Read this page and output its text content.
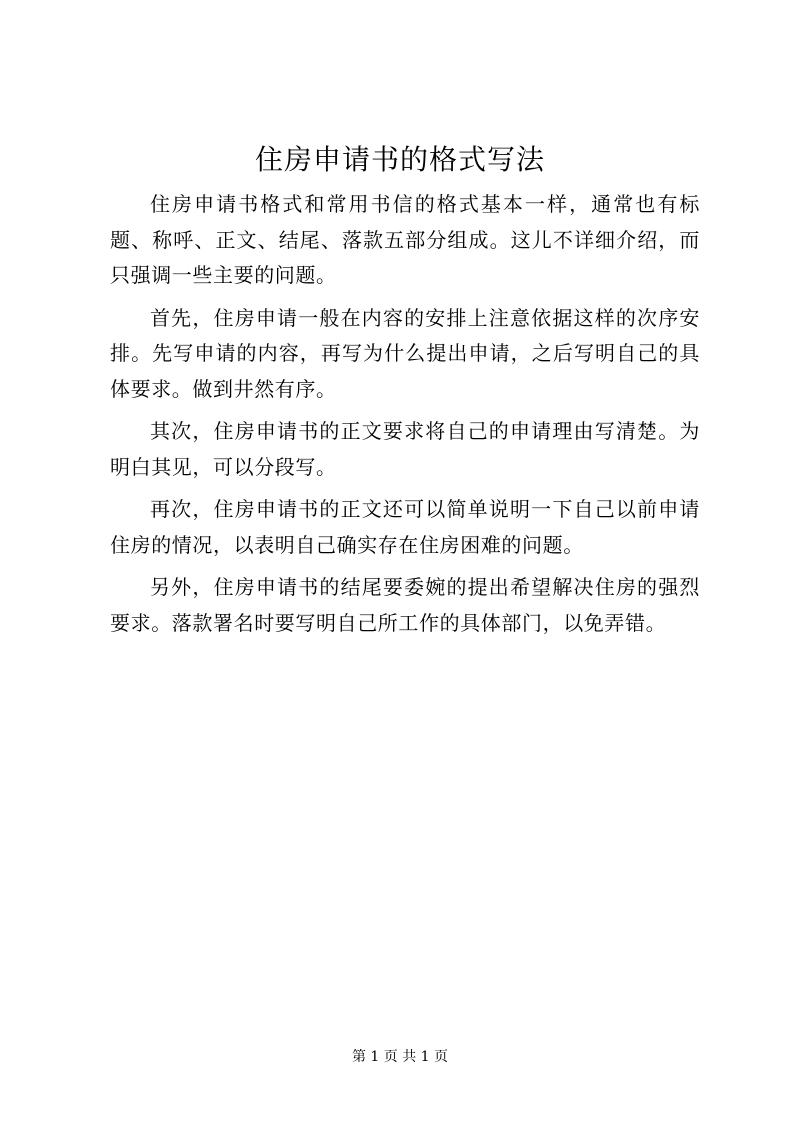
住房申请书的格式写法

住房申请书格式和常用书信的格式基本一样，通常也有标题、称呼、正文、结尾、落款五部分组成。这儿不详细介绍，而只强调一些主要的问题。

首先，住房申请一般在内容的安排上注意依据这样的次序安排。先写申请的内容，再写为什么提出申请，之后写明自己的具体要求。做到井然有序。

其次，住房申请书的正文要求将自己的申请理由写清楚。为明白其见，可以分段写。

再次，住房申请书的正文还可以简单说明一下自己以前申请住房的情况，以表明自己确实存在住房困难的问题。

另外，住房申请书的结尾要委婉的提出希望解决住房的强烈要求。落款署名时要写明自己所工作的具体部门，以免弄错。

第 1 页 共 1 页
